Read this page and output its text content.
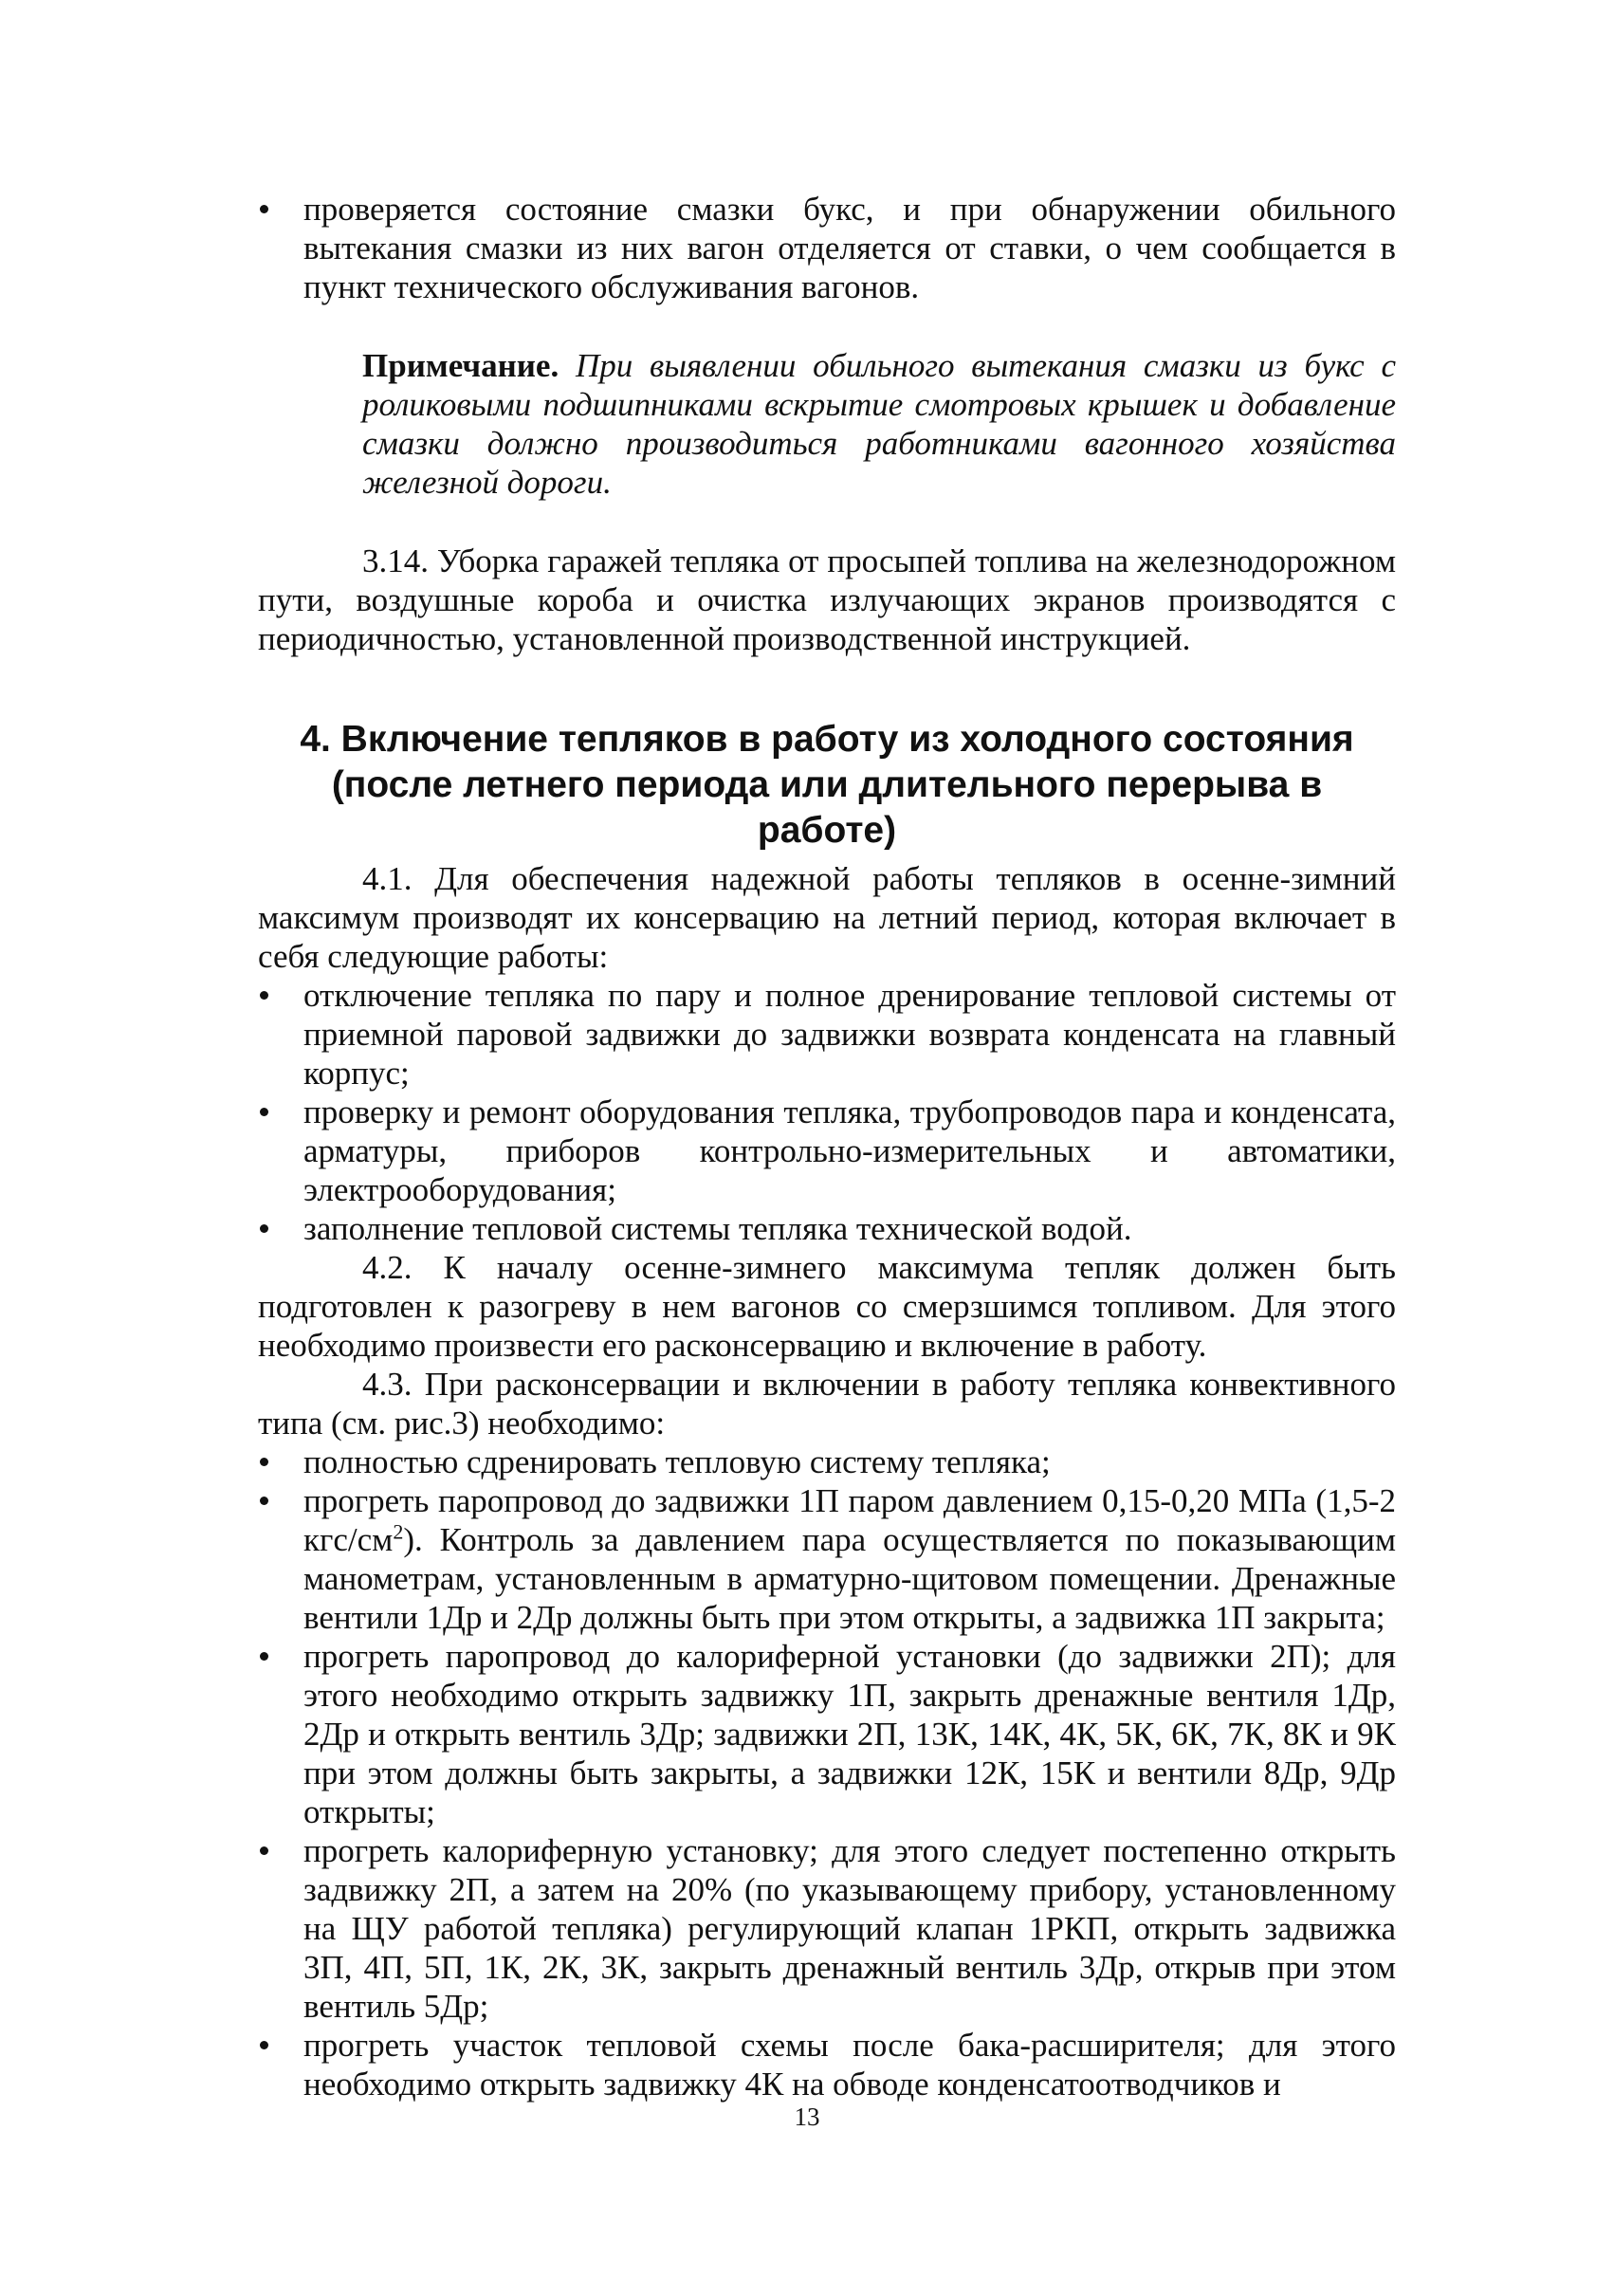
проверяется состояние смазки букс, и при обнаружении обильного вытекания смазки из них вагон отделяется от ставки, о чем сообщается в пункт технического обслуживания вагонов.
Примечание. При выявлении обильного вытекания смазки из букс с роликовыми подшипниками вскрытие смотровых крышек и добавление смазки должно производиться работниками вагонного хозяйства железной дороги.
3.14. Уборка гаражей тепляка от просыпей топлива на железнодорожном пути, воздушные короба и очистка излучающих экранов производятся с периодичностью, установленной производственной инструкцией.
4. Включение тепляков в работу из холодного состояния (после летнего периода или длительного перерыва в работе)
4.1. Для обеспечения надежной работы тепляков в осенне-зимний максимум производят их консервацию на летний период, которая включает в себя следующие работы:
отключение тепляка по пару и полное дренирование тепловой системы от приемной паровой задвижки до задвижки возврата конденсата на главный корпус;
проверку и ремонт оборудования тепляка, трубопроводов пара и конденсата, арматуры, приборов контрольно-измерительных и автоматики, электрооборудования;
заполнение тепловой системы тепляка технической водой.
4.2. К началу осенне-зимнего максимума тепляк должен быть подготовлен к разогреву в нем вагонов со смерзшимся топливом. Для этого необходимо произвести его расконсервацию и включение в работу.
4.3. При расконсервации и включении в работу тепляка конвективного типа (см. рис.3) необходимо:
полностью сдренировать тепловую систему тепляка;
прогреть паропровод до задвижки 1П паром давлением 0,15-0,20 МПа (1,5-2 кгс/$см^2$). Контроль за давлением пара осуществляется по показывающим манометрам, установленным в арматурно-щитовом помещении. Дренажные вентили 1Др и 2Др должны быть при этом открыты, а задвижка 1П закрыта;
прогреть паропровод до калориферной установки (до задвижки 2П); для этого необходимо открыть задвижку 1П, закрыть дренажные вентиля 1Др, 2Др и открыть вентиль 3Др; задвижки 2П, 13К, 14К, 4К, 5К, 6К, 7К, 8К и 9К при этом должны быть закрыты, а задвижки 12К, 15К и вентили 8Др, 9Др открыты;
прогреть калориферную установку; для этого следует постепенно открыть задвижку 2П, а затем на 20% (по указывающему прибору, установленному на ЩУ работой тепляка) регулирующий клапан 1РКП, открыть задвижка 3П, 4П, 5П, 1К, 2К, 3К, закрыть дренажный вентиль 3Др, открыв при этом вентиль 5Др;
прогреть участок тепловой схемы после бака-расширителя; для этого необходимо открыть задвижку 4К на обводе конденсатоотводчиков и
13
